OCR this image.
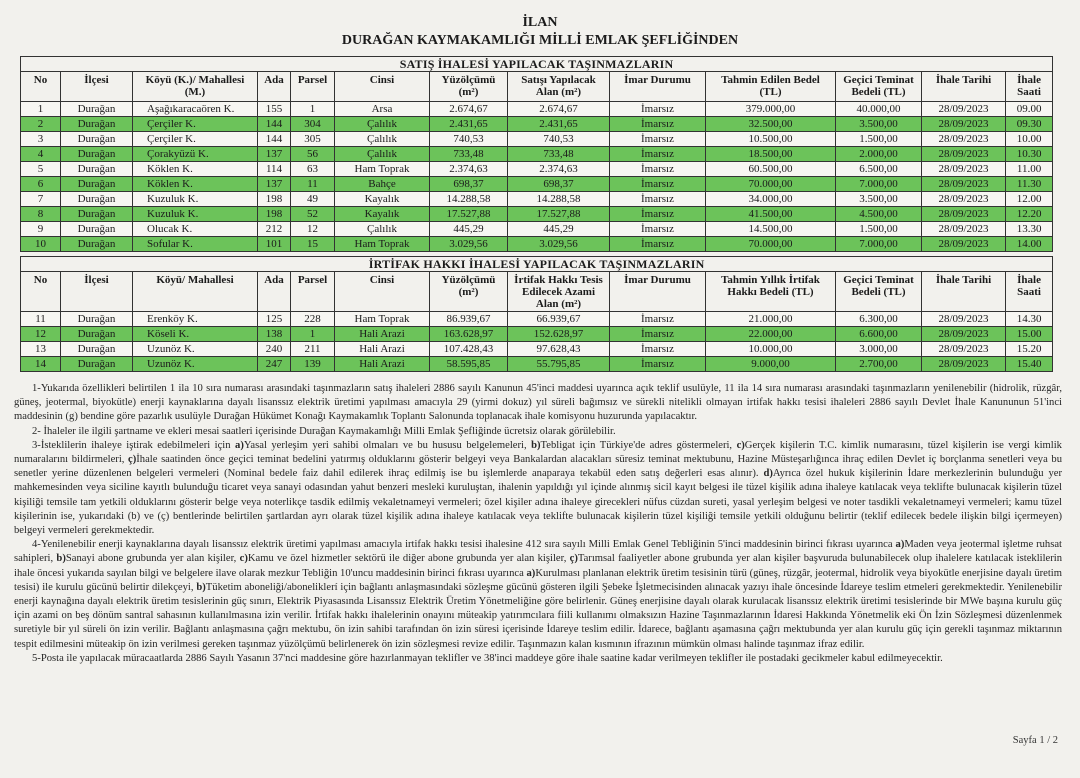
İLAN
DURAĞAN KAYMAKAMLIĞI MİLLİ EMLAK ŞEFLİĞİNDEN
SATIŞ İHALESİ YAPILACAK TAŞINMAZLARIN												
No	İlçesi	Köyü (K.)/ Mahallesi (M.)	Ada	Parsel	Cinsi	Yüzölçümü (m²)	Satışı Yapılacak Alan (m²)	İmar Durumu	Tahmin Edilen Bedel (TL)	Geçici Teminat Bedeli (TL)	İhale Tarihi	İhale Saati
1	Durağan	Aşağıkaracaören K.	155	1	Arsa	2.674,67	2.674,67	İmarsız	379.000,00	40.000,00	28/09/2023	09.00
2	Durağan	Çerçiler K.	144	304	Çalılık	2.431,65	2.431,65	İmarsız	32.500,00	3.500,00	28/09/2023	09.30
3	Durağan	Çerçiler K.	144	305	Çalılık	740,53	740,53	İmarsız	10.500,00	1.500,00	28/09/2023	10.00
4	Durağan	Çorakyüzü K.	137	56	Çalılık	733,48	733,48	İmarsız	18.500,00	2.000,00	28/09/2023	10.30
5	Durağan	Köklen K.	114	63	Ham Toprak	2.374,63	2.374,63	İmarsız	60.500,00	6.500,00	28/09/2023	11.00
6	Durağan	Köklen K.	137	11	Bahçe	698,37	698,37	İmarsız	70.000,00	7.000,00	28/09/2023	11.30
7	Durağan	Kuzuluk K.	198	49	Kayalık	14.288,58	14.288,58	İmarsız	34.000,00	3.500,00	28/09/2023	12.00
8	Durağan	Kuzuluk K.	198	52	Kayalık	17.527,88	17.527,88	İmarsız	41.500,00	4.500,00	28/09/2023	12.20
9	Durağan	Olucak K.	212	12	Çalılık	445,29	445,29	İmarsız	14.500,00	1.500,00	28/09/2023	13.30
10	Durağan	Sofular K.	101	15	Ham Toprak	3.029,56	3.029,56	İmarsız	70.000,00	7.000,00	28/09/2023	14.00
İRTİFAK HAKKI İHALESİ YAPILACAK TAŞINMAZLARIN												
No	İlçesi	Köyü/ Mahallesi	Ada	Parsel	Cinsi	Yüzölçümü (m²)	İrtifak Hakkı Tesis Edilecek Azami Alan (m²)	İmar Durumu	Tahmin Yıllık İrtifak Hakkı Bedeli (TL)	Geçici Teminat Bedeli (TL)	İhale Tarihi	İhale Saati
11	Durağan	Erenköy K.	125	228	Ham Toprak	86.939,67	66.939,67	İmarsız	21.000,00	6.300,00	28/09/2023	14.30
12	Durağan	Köseli K.	138	1	Hali Arazi	163.628,97	152.628,97	İmarsız	22.000,00	6.600,00	28/09/2023	15.00
13	Durağan	Uzunöz K.	240	211	Hali Arazi	107.428,43	97.628,43	İmarsız	10.000,00	3.000,00	28/09/2023	15.20
14	Durağan	Uzunöz K.	247	139	Hali Arazi	58.595,85	55.795,85	İmarsız	9.000,00	2.700,00	28/09/2023	15.40

1-Yukarıda özellikleri belirtilen 1 ila 10 sıra numarası arasındaki taşınmazların satış ihaleleri 2886 sayılı Kanunun 45'inci maddesi uyarınca açık teklif usulüyle, 11 ila 14 sıra numarası arasındaki taşınmazların yenilenebilir (hidrolik, rüzgâr, güneş, jeotermal, biyokütle) enerji kaynaklarına dayalı lisanssız elektrik üretimi yapılması amacıyla 29 (yirmi dokuz) yıl süreli bağımsız ve sürekli nitelikli olmayan irtifak hakkı tesisi ihaleleri 2886 sayılı Devlet İhale Kanununun 51'inci maddesinin (g) bendine göre pazarlık usulüyle Durağan Hükümet Konağı Kaymakamlık Toplantı Salonunda toplanacak ihale komisyonu huzurunda yapılacaktır.

2- İhaleler ile ilgili şartname ve ekleri mesai saatleri içerisinde Durağan Kaymakamlığı Milli Emlak Şefliğinde ücretsiz olarak görülebilir.

3-İsteklilerin ihaleye iştirak edebilmeleri için a)Yasal yerleşim yeri sahibi olmaları ve bu hususu belgelemeleri, b)Tebligat için Türkiye'de adres göstermeleri, c)Gerçek kişilerin T.C. kimlik numarasını, tüzel kişilerin ise vergi kimlik numaralarını bildirmeleri, ç)İhale saatinden önce geçici teminat bedelini yatırmış olduklarını gösterir belgeyi veya Bankalardan alacakları süresiz teminat mektubunu, Hazine Müsteşarlığınca ihraç edilen Devlet iç borçlanma senetleri veya bu senetler yerine düzenlenen belgeleri vermeleri (Nominal bedele faiz dahil edilerek ihraç edilmiş ise bu işlemlerde anaparaya tekabül eden satış değerleri esas alınır). d)Ayrıca özel hukuk kişilerinin İdare merkezlerinin bulunduğu yer mahkemesinden veya siciline kayıtlı bulunduğu ticaret veya sanayi odasından yahut benzeri mesleki kuruluştan, ihalenin yapıldığı yıl içinde alınmış sicil kayıt belgesi ile tüzel kişilik adına ihaleye katılacak veya teklifte bulunacak kişilerin tüzel kişiliği temsile tam yetkili olduklarını gösterir belge veya noterlikçe tasdik edilmiş vekaletnameyi vermeleri; özel kişiler adına ihaleye girecekleri nüfus cüzdan sureti, yasal yerleşim belgesi ve noter tasdikli vekaletnameyi vermeleri; kamu tüzel kişilerinin ise, yukarıdaki (b) ve (ç) bentlerinde belirtilen şartlardan ayrı olarak tüzel kişilik adına ihaleye katılacak veya teklifte bulunacak kişilerin tüzel kişiliği temsile yetkili olduğunu belirtir (teklif edilecek bedele ilişkin bilgi içermeyen) belgeyi vermeleri gerekmektedir.

4-Yenilenebilir enerji kaynaklarına dayalı lisanssız elektrik üretimi yapılması amacıyla irtifak hakkı tesisi ihalesine 412 sıra sayılı Milli Emlak Genel Tebliğinin 5'inci maddesinin birinci fıkrası uyarınca a)Maden veya jeotermal işletme ruhsat sahipleri, b)Sanayi abone grubunda yer alan kişiler, c)Kamu ve özel hizmetler sektörü ile diğer abone grubunda yer alan kişiler, ç)Tarımsal faaliyetler abone grubunda yer alan kişiler başvuruda bulunabilecek olup ihalelere katılacak isteklilerin ihale öncesi yukarıda sayılan bilgi ve belgelere ilave olarak mezkur Tebliğin 10'uncu maddesinin birinci fıkrası uyarınca a)Kurulması planlanan elektrik üretim tesisinin türü (güneş, rüzgâr, jeotermal, hidrolik veya biyokütle enerjisine dayalı üretim tesisi) ile kurulu gücünü belirtir dilekçeyi, b)Tüketim aboneliği/aboneliklerí için bağlantı anlaşmasındaki sözleşme gücünü gösteren ilgili Şebeke İşletmecisinden alınacak yazıyı ihale öncesinde İdareye teslim etmeleri gerekmektedir. Yenilenebilir enerji kaynağına dayalı elektrik üretim tesislerinin güç sınırı, Elektrik Piyasasında Lisanssız Elektrik Üretim Yönetmeliğine göre belirlenir. Güneş enerjisine dayalı olarak kurulacak lisanssız elektrik üretimi tesislerinde bir MWe başına kurulu güç için azami on beş dönüm santral sahasının kullanılmasına izin verilir. İrtifak hakkı ihalelerinin onayını müteakip yatırımcılara fiili kullanımı olmaksızın Hazine Taşınmazlarının İdaresi Hakkında Yönetmelik eki Ön İzin Sözleşmesi düzenlenmek suretiyle bir yıl süreli ön izin verilir. Bağlantı anlaşmasına çağrı mektubu, ön izin sahibi tarafından ön izin süresi içerisinde İdareye teslim edilir. İdarece, bağlantı aşamasına çağrı mektubunda yer alan kurulu güç için gerekli taşınmaz miktarının tespit edilmesini müteakip ön izin verilmesi gereken taşınmaz yüzölçümü belirlenerek ön izin sözleşmesi revize edilir. Taşınmazın kalan kısmının ifrazının mümkün olması halinde taşınmaz ifraz edilir.

5-Posta ile yapılacak müracaatlarda 2886 Sayılı Yasanın 37'nci maddesine göre hazırlanmayan teklifler ve 38'inci maddeye göre ihale saatine kadar verilmeyen teklifler ile postadaki gecikmeler kabul edilmeyecektir.

Sayfa 1 / 2
